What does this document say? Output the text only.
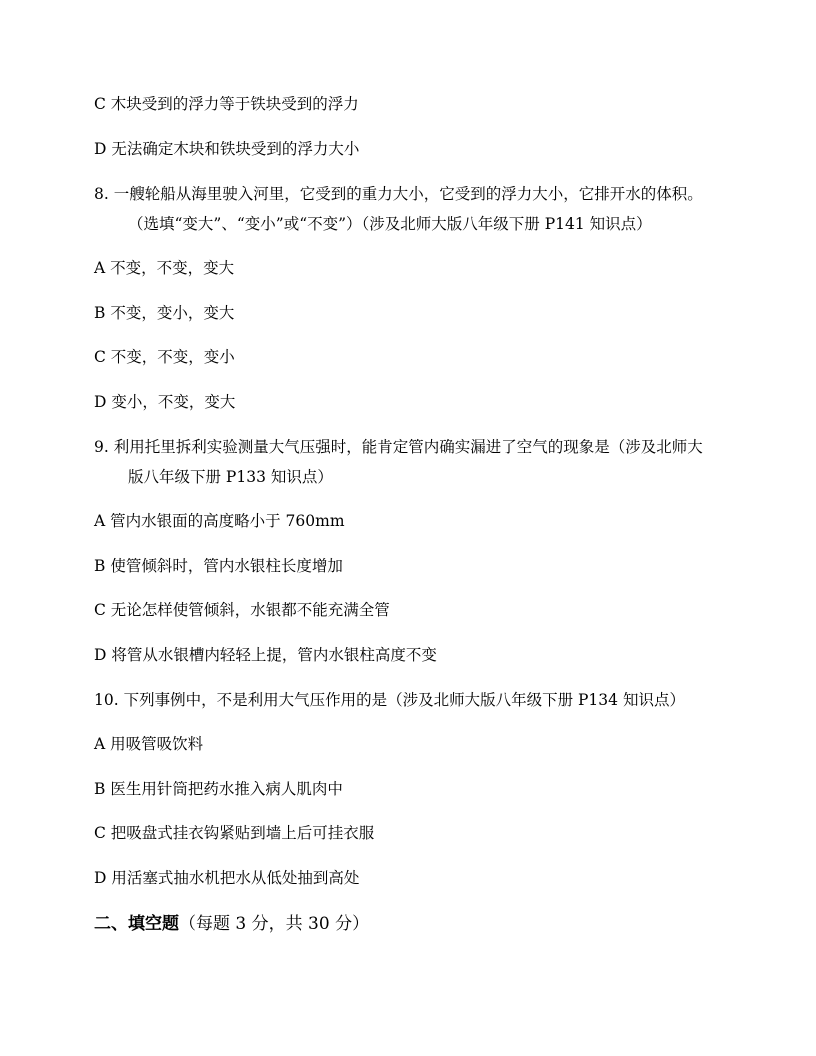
C 木块受到的浮力等于铁块受到的浮力
D 无法确定木块和铁块受到的浮力大小
8. 一艘轮船从海里驶入河里，它受到的重力大小，它受到的浮力大小，它排开水的体积。
（选填“变大”、“变小”或“不变”）（涉及北师大版八年级下册 P141 知识点）
A 不变，不变，变大
B 不变，变小，变大
C 不变，不变，变小
D 变小，不变，变大
9. 利用托里拆利实验测量大气压强时，能肯定管内确实漏进了空气的现象是（涉及北师大
版八年级下册 P133 知识点）
A 管内水银面的高度略小于 760mm
B 使管倾斜时，管内水银柱长度增加
C 无论怎样使管倾斜，水银都不能充满全管
D 将管从水银槽内轻轻上提，管内水银柱高度不变
10. 下列事例中，不是利用大气压作用的是（涉及北师大版八年级下册 P134 知识点）
A 用吸管吸饮料
B 医生用针筒把药水推入病人肌肉中
C 把吸盘式挂衣钩紧贴到墙上后可挂衣服
D 用活塞式抽水机把水从低处抽到高处
二、填空题（每题 3 分，共 30 分）
